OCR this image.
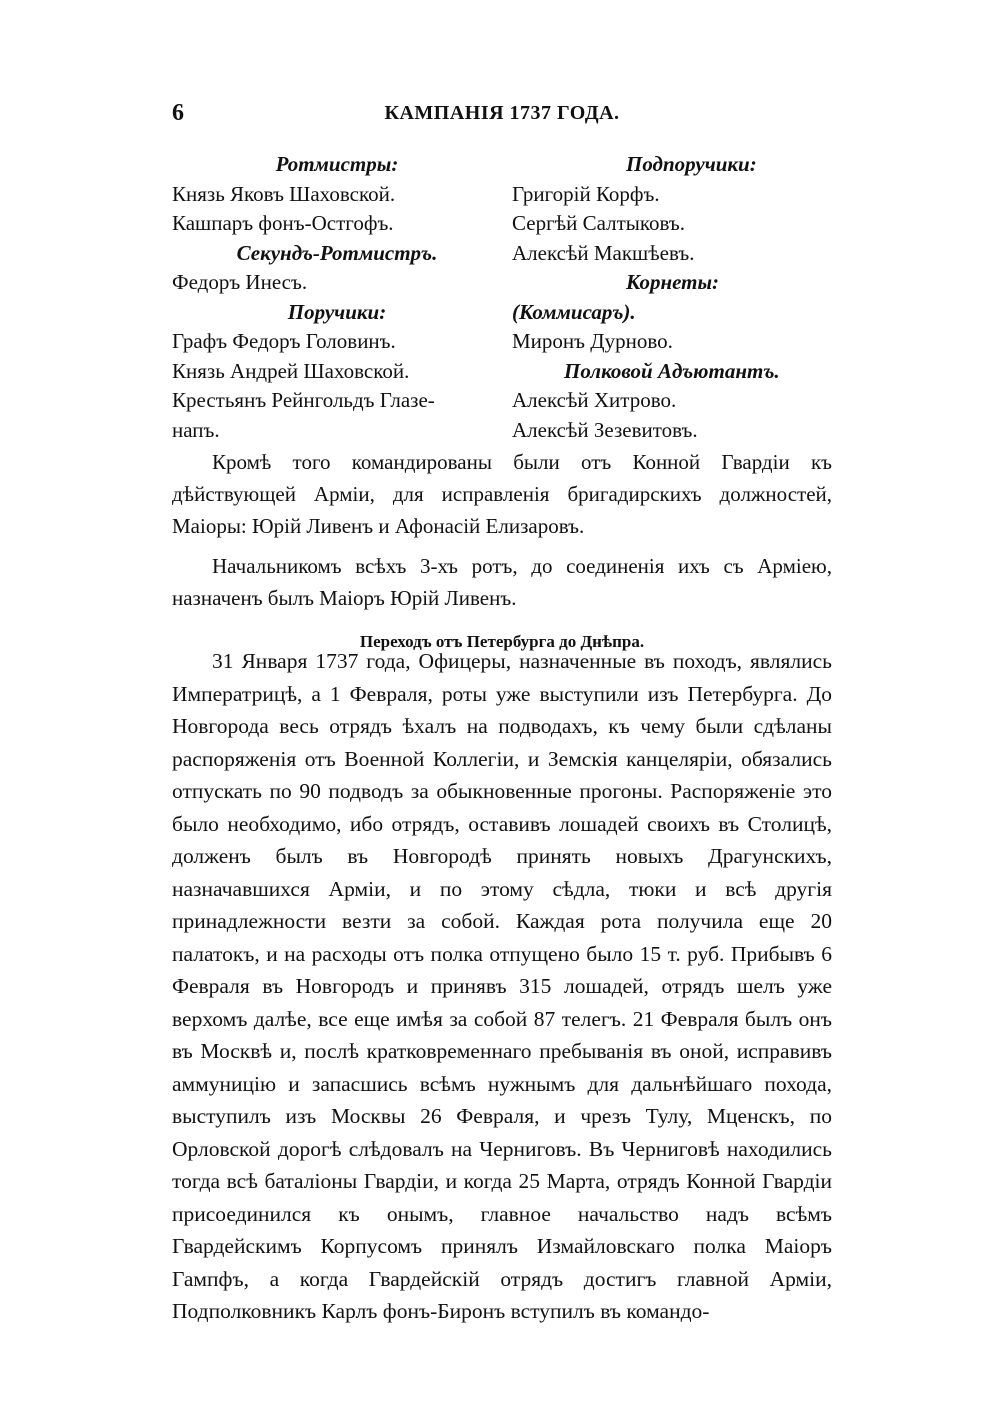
6	КАМПАНІЯ 1737 ГОДА.
Ротмистры:
Князь Яковъ Шаховской.
Кашпаръ фонъ-Остгофъ.
Секундъ-Ротмистръ.
Федоръ Инесъ.
Поручики:
Графъ Федоръ Головинъ.
Князь Андрей Шаховской.
Крестьянъ Рейнгольдъ Глазе-
напъ.
Подпоручики:
Григорій Корфъ.
Сергѣй Салтыковъ.
Алексѣй Макшѣевъ.
Корнеты:
(Коммисаръ).
Миронъ Дурново.
Полковой Адъютантъ.
Алексѣй Хитрово.
Алексѣй Зезевитовъ.

Кромѣ того командированы были отъ Конной Гвардіи къ дѣйствующей Арміи, для исправленія бригадирскихъ должностей, Маіоры: Юрій Ливенъ и Афонасій Елизаровъ.

Начальникомъ всѣхъ 3-хъ ротъ, до соединенія ихъ съ Арміею, назначенъ былъ Маіоръ Юрій Ливенъ.

Переходъ отъ Петербурга до Днѣпра.

31 Января 1737 года, Офицеры, назначенные въ походъ, являлись Императрицѣ, а 1 Февраля, роты уже выступили изъ Петербурга. До Новгорода весь отрядъ ѣхалъ на подводахъ, къ чему были сдѣланы распоряженія отъ Военной Коллегіи, и Земскія канцеляріи, обязались отпускать по 90 подводъ за обыкновенные прогоны. Распоряженіе это было необходимо, ибо отрядъ, оставивъ лошадей своихъ въ Столицѣ, долженъ былъ въ Новгородѣ принять новыхъ Драгунскихъ, назначавшихся Арміи, и по этому сѣдла, тюки и всѣ другія принадлежности везти за собой. Каждая рота получила еще 20 палатокъ, и на расходы отъ полка отпущено было 15 т. руб. Прибывъ 6 Февраля въ Новгородъ и принявъ 315 лошадей, отрядъ шелъ уже верхомъ далѣе, все еще имѣя за собой 87 телегъ. 21 Февраля былъ онъ въ Москвѣ и, послѣ кратковременнаго пребыванія въ оной, исправивъ аммуницію и запасшись всѣмъ нужнымъ для дальнѣйшаго похода, выступилъ изъ Москвы 26 Февраля, и чрезъ Тулу, Мценскъ, по Орловской дорогѣ слѣдовалъ на Черниговъ. Въ Черниговѣ находились тогда всѣ баталіоны Гвардіи, и когда 25 Марта, отрядъ Конной Гвардіи присоединился къ онымъ, главное начальство надъ всѣмъ Гвардейскимъ Корпусомъ принялъ Измайловскаго полка Маіоръ Гампфъ, а когда Гвардейскій отрядъ достигъ главной Арміи, Подполковникъ Карлъ фонъ-Биронъ вступилъ въ командо-
